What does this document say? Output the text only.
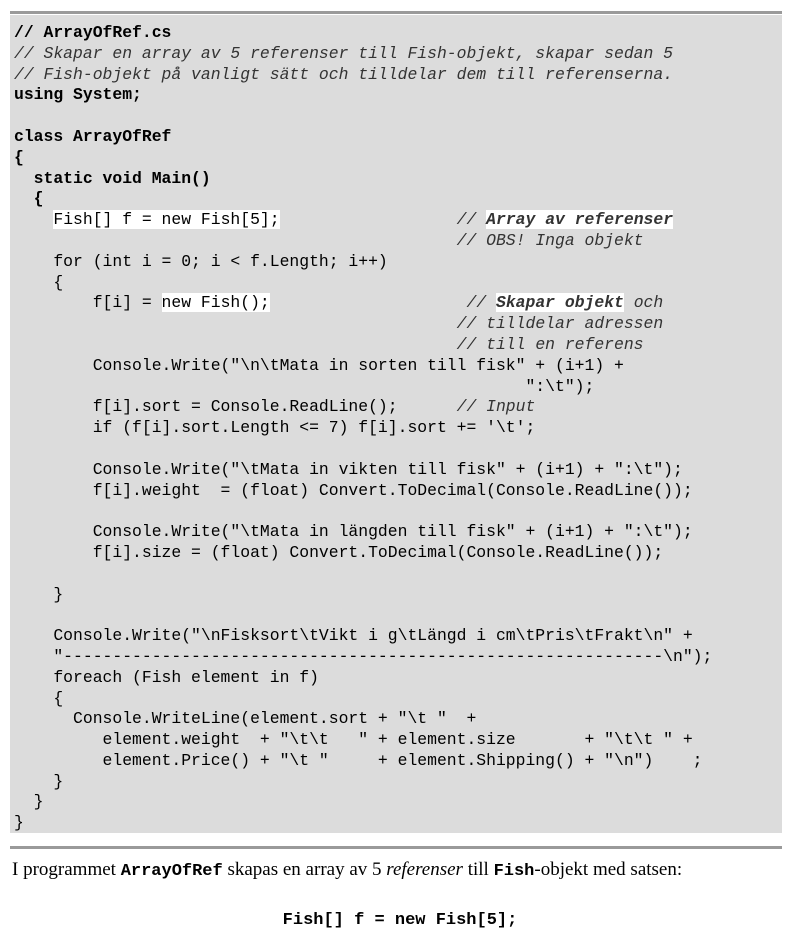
// ArrayOfRef.cs
// Skapar en array av 5 referenser till Fish-objekt, skapar sedan 5
// Fish-objekt på vanligt sätt och tilldelar dem till referenserna.
using System;
class ArrayOfRef
{
static void Main()
{
Fish[] f = new Fish[5];	// Array av referenser
// OBS! Inga objekt
for (int i = 0; i < f.Length; i++)
{
f[i] = new Fish();	// Skapar objekt och
// tilldelar adressen
// till en referens
Console.Write("\n\tMata in sorten till fisk" + (i+1) +
":\t");
f[i].sort = Console.ReadLine();      // Input
if (f[i].sort.Length <= 7) f[i].sort += '\t';
Console.Write("\tMata in vikten till fisk" + (i+1) + ":\t");
f[i].weight  = (float) Convert.ToDecimal(Console.ReadLine());
Console.Write("\tMata in längden till fisk" + (i+1) + ":\t");
f[i].size = (float) Convert.ToDecimal(Console.ReadLine());
}
Console.Write("\nFisksort\tVikt i g\tLängd i cm\tPris\tFrakt\n" +
"-------------------------------------------------------------\n");
foreach (Fish element in f)
{
Console.WriteLine(element.sort + "\t "  +
element.weight  + "\t\t   " + element.size       + "\t\t " +
element.Price() + "\t "     + element.Shipping() + "\n")    ;
}
}
}
I programmet ArrayOfRef skapas en array av 5 referenser till Fish-objekt med satsen:
Fish[] f = new Fish[5];
